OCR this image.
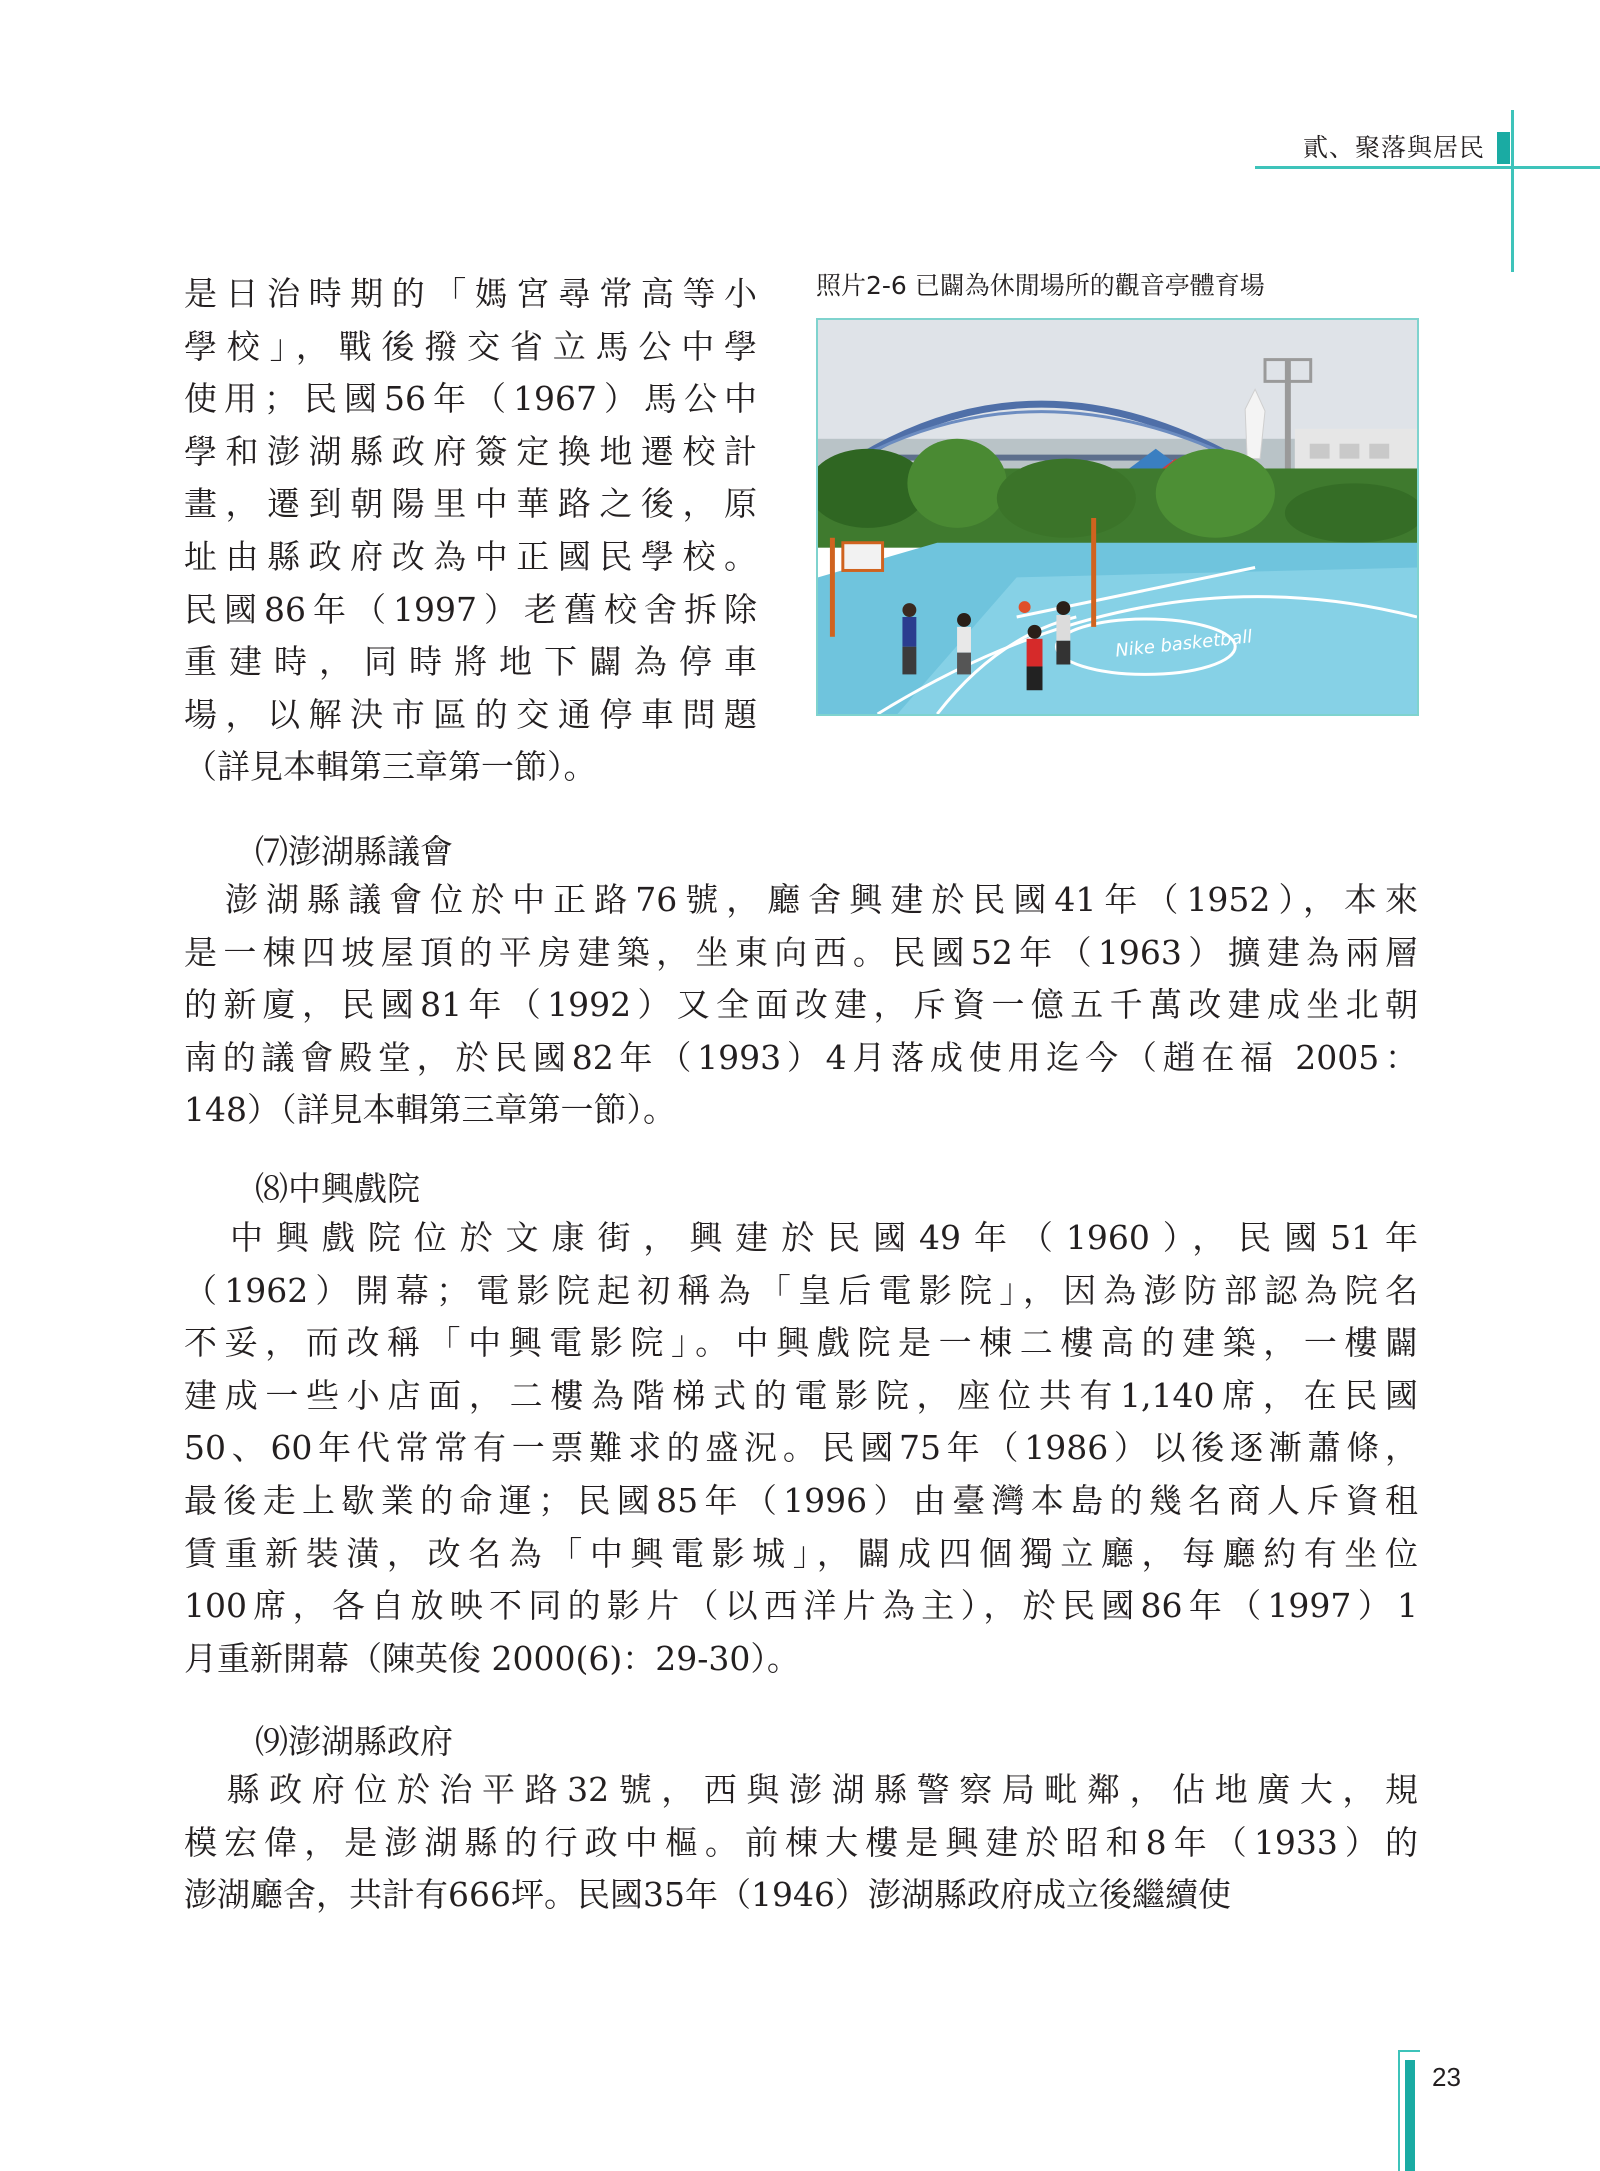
貳、聚落與居民
是日治時期的「媽宮尋常高等小
學校」，戰後撥交省立馬公中學
使用；民國56年（1967）馬公中
學和澎湖縣政府簽定換地遷校計
畫，遷到朝陽里中華路之後，原
址由縣政府改為中正國民學校。
民國86年（1997）老舊校舍拆除
重建時，同時將地下闢為停車
場，以解決市區的交通停車問題
（詳見本輯第三章第一節）。

照片2-6 已闢為休閒場所的觀音亭體育場

Nike basketball

⑺澎湖縣議會

　澎湖縣議會位於中正路76號，廳舍興建於民國41年（1952），本來
是一棟四坡屋頂的平房建築，坐東向西。民國52年（1963）擴建為兩層
的新廈，民國81年（1992）又全面改建，斥資一億五千萬改建成坐北朝
南的議會殿堂，於民國82年（1993）4月落成使用迄今（趙在福 2005：
148）（詳見本輯第三章第一節）。

⑻中興戲院

　中興戲院位於文康街，興建於民國49年（1960），民國51年
（1962）開幕；電影院起初稱為「皇后電影院」，因為澎防部認為院名
不妥，而改稱「中興電影院」。中興戲院是一棟二樓高的建築，一樓闢
建成一些小店面，二樓為階梯式的電影院，座位共有1,140席，在民國
50、60年代常常有一票難求的盛況。民國75年（1986）以後逐漸蕭條，
最後走上歇業的命運；民國85年（1996）由臺灣本島的幾名商人斥資租
賃重新裝潢，改名為「中興電影城」，闢成四個獨立廳，每廳約有坐位
100席，各自放映不同的影片（以西洋片為主），於民國86年（1997）1
月重新開幕（陳英俊 2000(6)：29-30）。

⑼澎湖縣政府

　縣政府位於治平路32號，西與澎湖縣警察局毗鄰，佔地廣大，規
模宏偉，是澎湖縣的行政中樞。前棟大樓是興建於昭和8年（1933）的
澎湖廳舍，共計有666坪。民國35年（1946）澎湖縣政府成立後繼續使
23
